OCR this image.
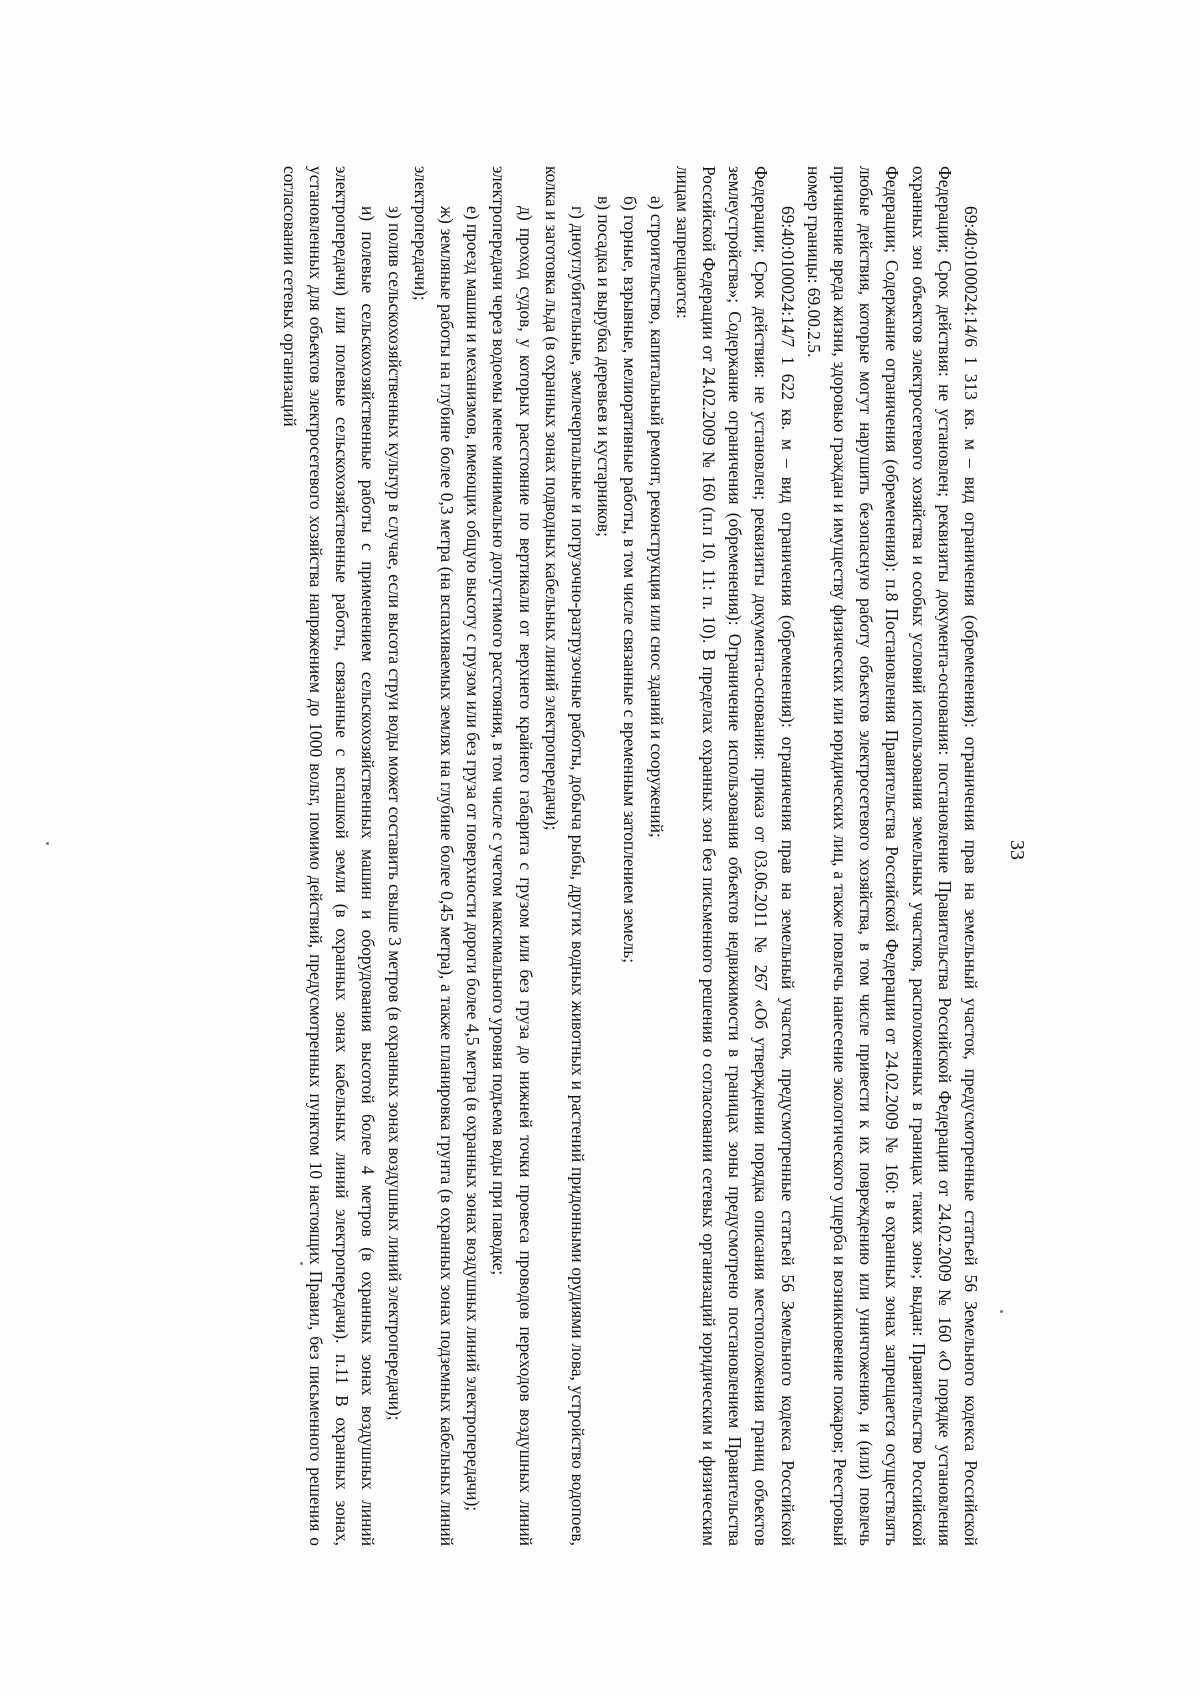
33

69:40:0100024:14/6 1 313 кв. м – вид ограничения (обременения): ограничения прав на земельный участок, предусмотренные статьей 56 Земельного кодекса Российской Федерации; Срок действия: не установлен; реквизиты документа-основания: постановление Правительства Российской Федерации от 24.02.2009 № 160 «О порядке установления охранных зон объектов электросетевого хозяйства и особых условий использования земельных участков, расположенных в границах таких зон»; выдан: Правительство Российской Федерации; Содержание ограничения (обременения): п.8 Постановления Правительства Российской Федерации от 24.02.2009 № 160: в охранных зонах запрещается осуществлять любые действия, которые могут нарушить безопасную работу объектов электросетевого хозяйства, в том числе привести к их повреждению или уничтожению, и (или) повлечь причинение вреда жизни, здоровью граждан и имуществу физических или юридических лиц, а также повлечь нанесение экологического ущерба и возникновение пожаров; Реестровый номер границы: 69.00.2.5.

69:40:0100024:14/7 1 622 кв. м – вид ограничения (обременения): ограничения прав на земельный участок, предусмотренные статьей 56 Земельного кодекса Российской Федерации; Срок действия: не установлен; реквизиты документа-основания: приказ от 03.06.2011 № 267 «Об утверждении порядка описания местоположения границ объектов землеустройства»; Содержание ограничения (обременения): Ограничение использования объектов недвижимости в границах зоны предусмотрено постановлением Правительства Российской Федерации от 24.02.2009 № 160 (п.п 10, 11: п. 10). В пределах охранных зон без письменного решения о согласовании сетевых организаций юридическим и физическим лицам запрещаются:

а) строительство, капитальный ремонт, реконструкция или снос зданий и сооружений;

б) горные, взрывные, мелиоративные работы, в том числе связанные с временным затоплением земель;

в) посадка и вырубка деревьев и кустарников;

г) дноуглубительные, землечерпальные и погрузочно-разгрузочные работы, добыча рыбы, других водных животных и растений придонными орудиями лова, устройство водопоев, колка и заготовка льда (в охранных зонах подводных кабельных линий электропередачи);

д) проход судов, у которых расстояние по вертикали от верхнего крайнего габарита с грузом или без груза до нижней точки провеса проводов переходов воздушных линий электропередачи через водоемы менее минимально допустимого расстояния, в том числе с учетом максимального уровня подъема воды при паводке;

е) проезд машин и механизмов, имеющих общую высоту с грузом или без груза от поверхности дороги более 4,5 метра (в охранных зонах воздушных линий электропередачи);

ж) земляные работы на глубине более 0,3 метра (на вспахиваемых землях на глубине более 0,45 метра), а также планировка грунта (в охранных зонах подземных кабельных линий электропередачи);

з) полив сельскохозяйственных культур в случае, если высота струи воды может составить свыше 3 метров (в охранных зонах воздушных линий электропередачи);

и) полевые сельскохозяйственные работы с применением сельскохозяйственных машин и оборудования высотой более 4 метров (в охранных зонах воздушных линий электропередачи) или полевые сельскохозяйственные работы, связанные с вспашкой земли (в охранных зонах кабельных линий электропередачи). п.11 В охранных зонах, установленных для объектов электросетевого хозяйства напряжением до 1000 вольт, помимо действий, предусмотренных пунктом 10 настоящих Правил, без письменного решения о согласовании сетевых организаций
